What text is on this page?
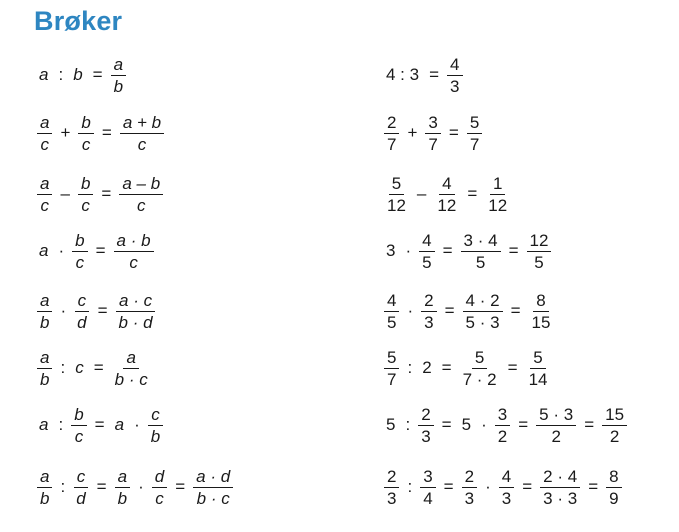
Brøker
a : $b = \frac{a}{b}$
$\frac{a}{c} + \frac{b}{c} = \frac{a + b}{c}$
$\frac{a}{c} - \frac{b}{c} = \frac{a - b}{c}$
$a \cdot \frac{b}{c} = \frac{a \cdot b}{c}$
$\frac{a}{b} \cdot \frac{c}{d} = \frac{a \cdot c}{b \cdot d}$
$\frac{a}{b}$ : $c = \frac{a}{b \cdot c}$
a : $\frac{b}{c} = a \cdot \frac{c}{b}$
$\frac{a}{b}$ : $\frac{c}{d} = \frac{a}{b} \cdot \frac{d}{c} = \frac{a \cdot d}{b \cdot c}$
4 : $3 = \frac{4}{3}$
$\frac{2}{7} + \frac{3}{7} = \frac{5}{7}$
$\frac{5}{12} - \frac{4}{12} = \frac{1}{12}$
$3 \cdot \frac{4}{5} = \frac{3 \cdot 4}{5} = \frac{12}{5}$
$\frac{4}{5} \cdot \frac{2}{3} = \frac{4 \cdot 2}{5 \cdot 3} = \frac{8}{15}$
$\frac{5}{7}$ : $2 = \frac{5}{7 \cdot 2} = \frac{5}{14}$
5 : $\frac{2}{3} = 5 \cdot \frac{3}{2} = \frac{5 \cdot 3}{2} = \frac{15}{2}$
$\frac{2}{3}$ : $\frac{3}{4} = \frac{2}{3} \cdot \frac{4}{3} = \frac{2 \cdot 4}{3 \cdot 3} = \frac{8}{9}$
